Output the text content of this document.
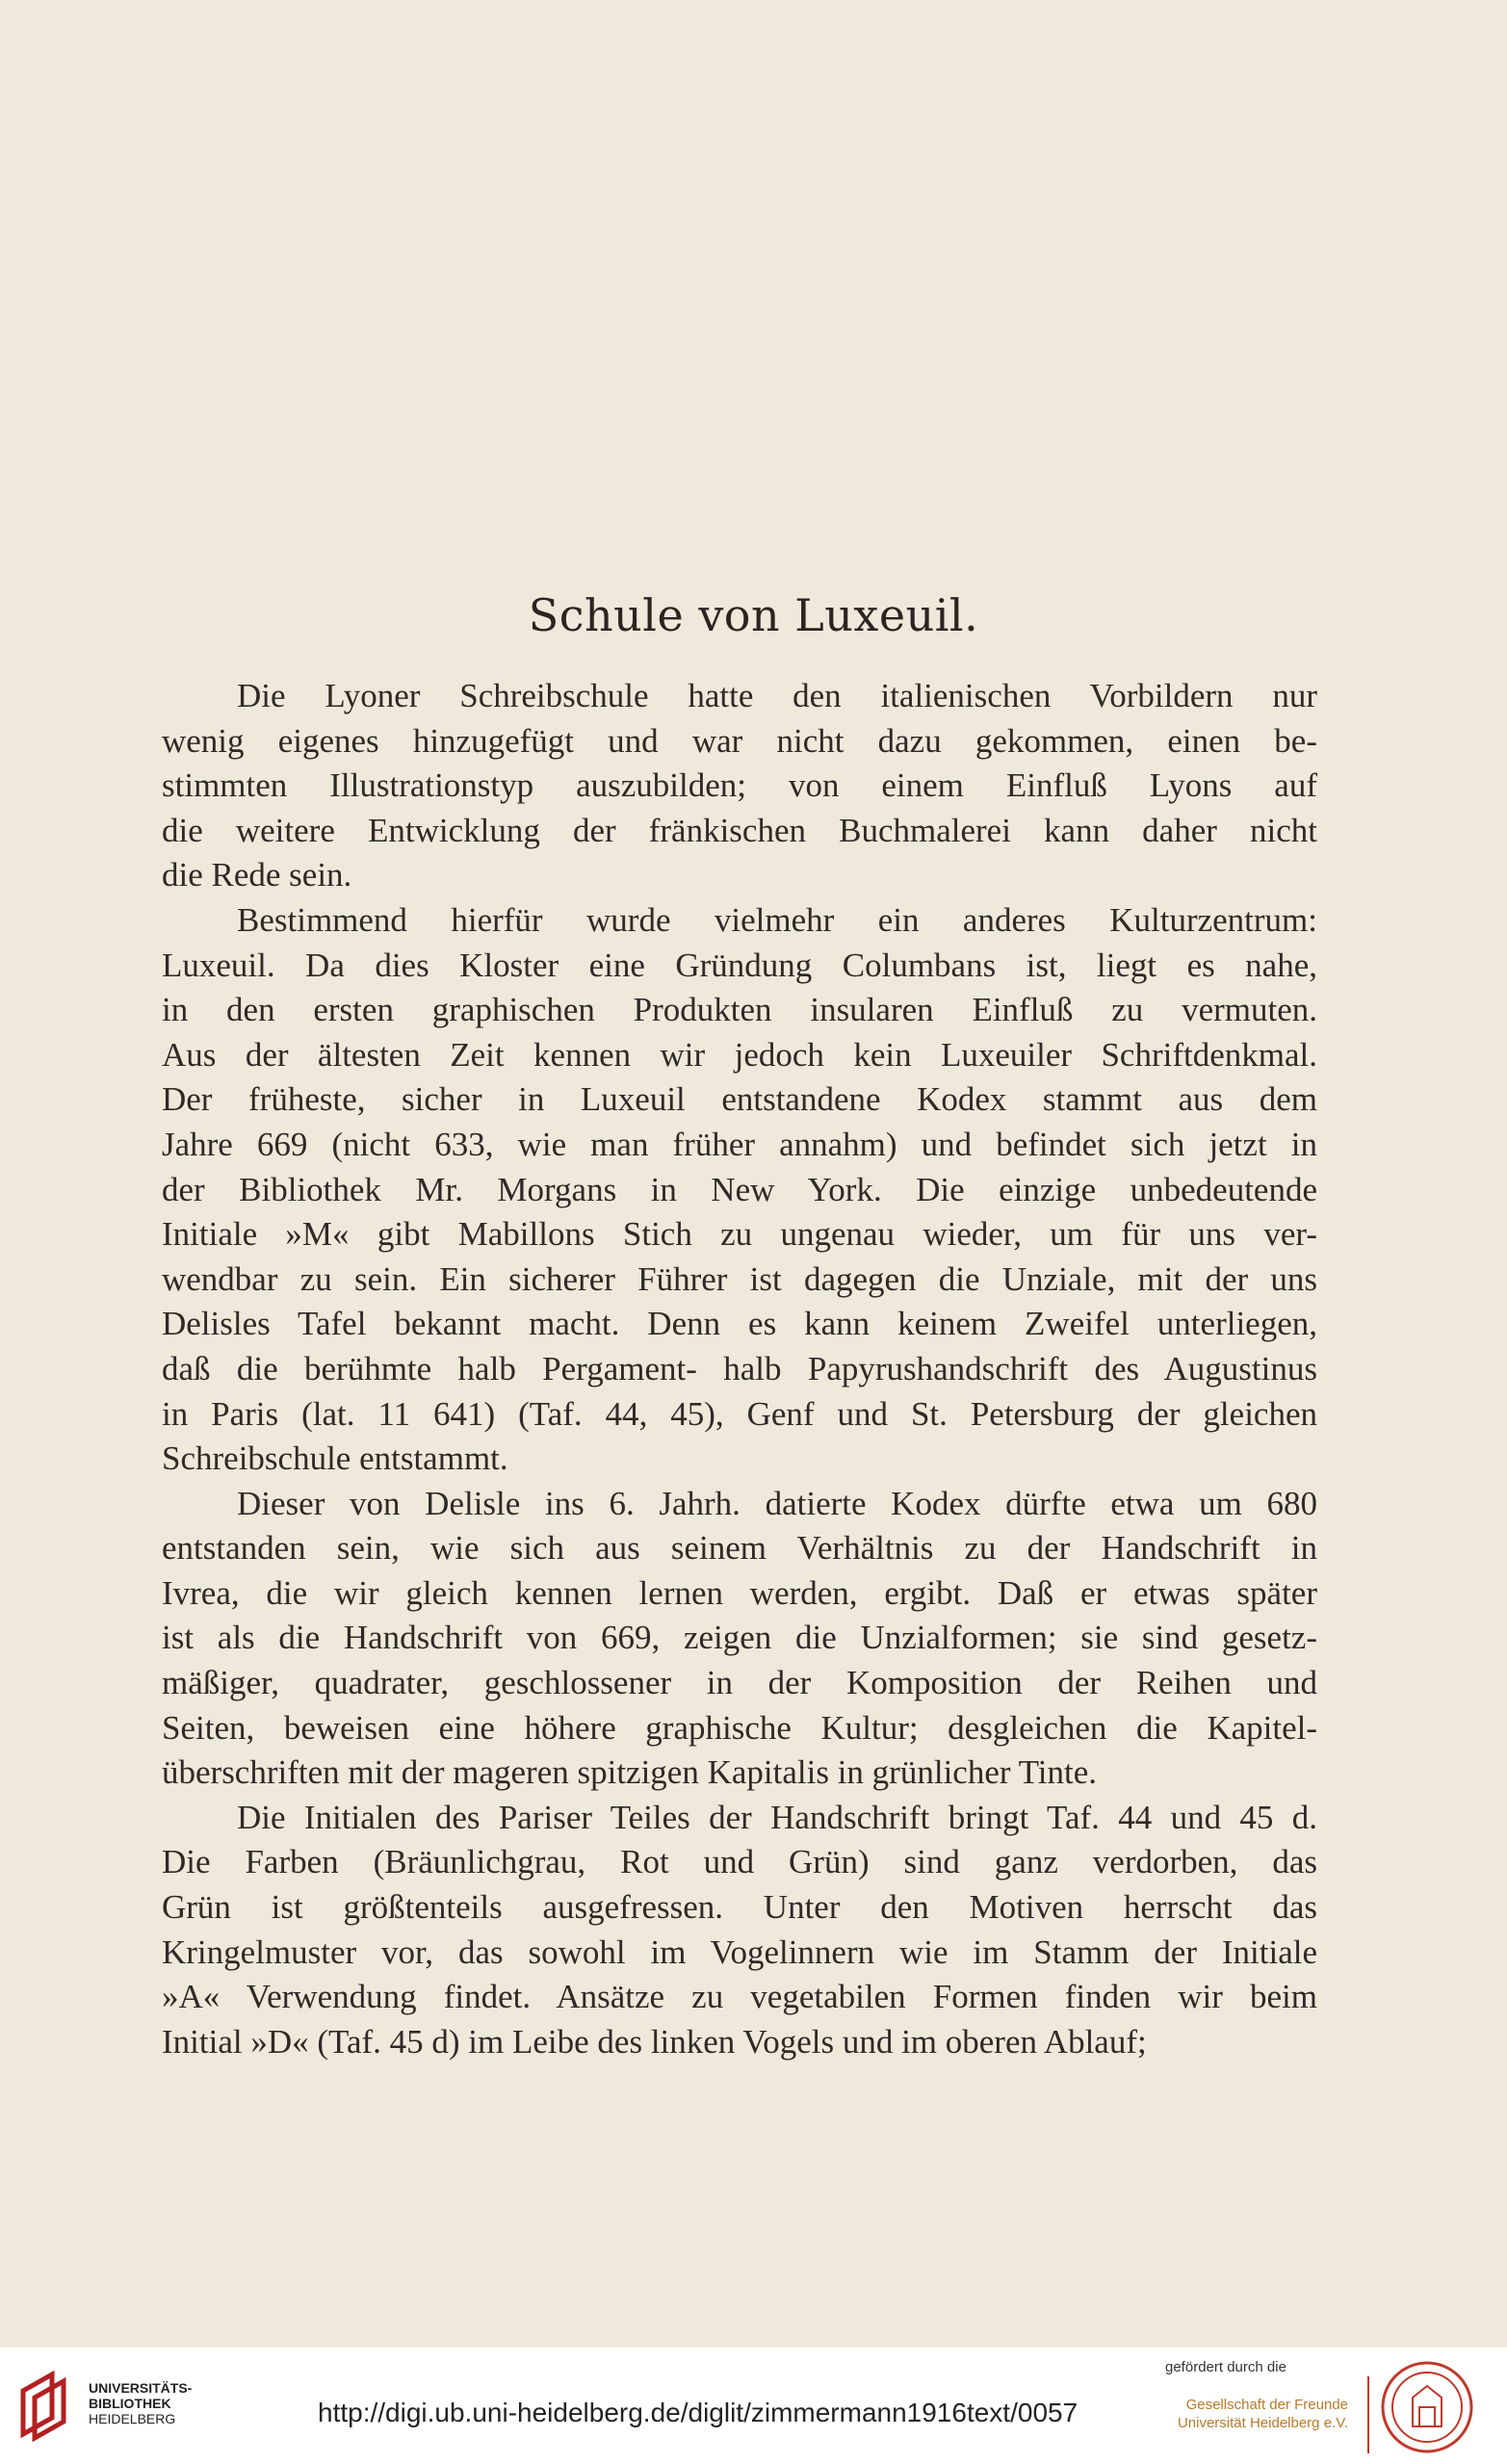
Schule von Luxeuil.
Die Lyoner Schreibschule hatte den italienischen Vorbildern nur
wenig eigenes hinzugefügt und war nicht dazu gekommen, einen be-
stimmten Illustrationstyp auszubilden; von einem Einfluß Lyons auf
die weitere Entwicklung der fränkischen Buchmalerei kann daher nicht
die Rede sein.
Bestimmend hierfür wurde vielmehr ein anderes Kulturzentrum:
Luxeuil. Da dies Kloster eine Gründung Columbans ist, liegt es nahe,
in den ersten graphischen Produkten insularen Einfluß zu vermuten.
Aus der ältesten Zeit kennen wir jedoch kein Luxeuiler Schriftdenkmal.
Der früheste, sicher in Luxeuil entstandene Kodex stammt aus dem
Jahre 669 (nicht 633, wie man früher annahm) und befindet sich jetzt in
der Bibliothek Mr. Morgans in New York. Die einzige unbedeutende
Initiale »M« gibt Mabillons Stich zu ungenau wieder, um für uns ver-
wendbar zu sein. Ein sicherer Führer ist dagegen die Unziale, mit der uns
Delisles Tafel bekannt macht. Denn es kann keinem Zweifel unterliegen,
daß die berühmte halb Pergament- halb Papyrushandschrift des Augustinus
in Paris (lat. 11 641) (Taf. 44, 45), Genf und St. Petersburg der gleichen
Schreibschule entstammt.
Dieser von Delisle ins 6. Jahrh. datierte Kodex dürfte etwa um 680
entstanden sein, wie sich aus seinem Verhältnis zu der Handschrift in
Ivrea, die wir gleich kennen lernen werden, ergibt. Daß er etwas später
ist als die Handschrift von 669, zeigen die Unzialformen; sie sind gesetz-
mäßiger, quadrater, geschlossener in der Komposition der Reihen und
Seiten, beweisen eine höhere graphische Kultur; desgleichen die Kapitel-
überschriften mit der mageren spitzigen Kapitalis in grünlicher Tinte.
Die Initialen des Pariser Teiles der Handschrift bringt Taf. 44 und 45 d.
Die Farben (Bräunlichgrau, Rot und Grün) sind ganz verdorben, das
Grün ist größtenteils ausgefressen. Unter den Motiven herrscht das
Kringelmuster vor, das sowohl im Vogelinnern wie im Stamm der Initiale
»A« Verwendung findet. Ansätze zu vegetabilen Formen finden wir beim
Initial »D« (Taf. 45 d) im Leibe des linken Vogels und im oberen Ablauf;
UNIVERSITÄTS-
BIBLIOTHEK
HEIDELBERG	http://digi.ub.uni-heidelberg.de/diglit/zimmermann1916text/0057
gefördert durch die
Gesellschaft der Freunde
Universität Heidelberg e.V.
